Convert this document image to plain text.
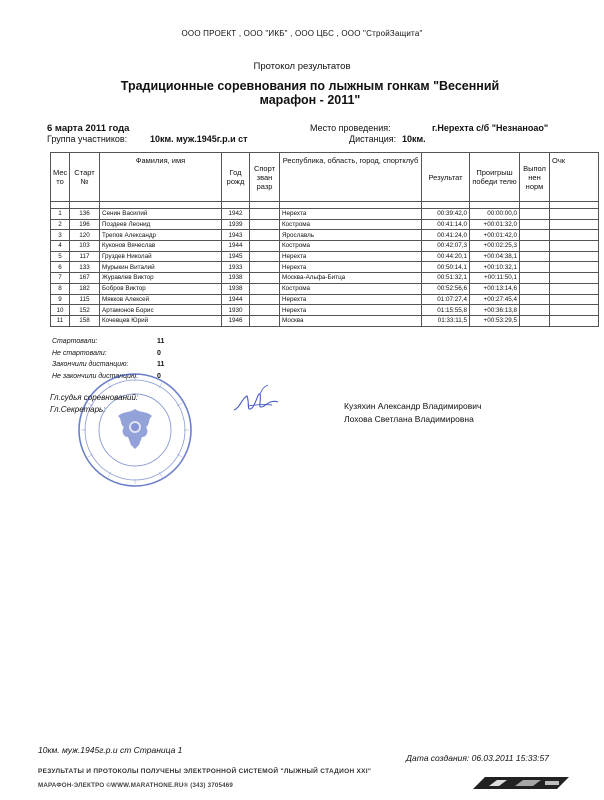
ООО ПРОЕКТ , ООО "ИКБ" , ООО ЦБС , ООО "СтройЗащита"
Протокол результатов
Традиционные соревнования по лыжным гонкам "Весенний
марафон - 2011"
6 марта 2011 года
Группа участников:	10км. муж.1945г.р.и ст
Место проведения:	г.Нерехта с/б "Незнаноао"
Дистанция: 10км.
Мес то	Старт №	Фамилия, имя	Год рожд	Спорт зван разр	Республика, область, город, спортклуб	Результат	Проигрыш победи телю	Выпол нен норм	Очк

1	136	Сенин Василий	1942		Нерехта	00:39:42,0	00:00:00,0		
2	196	Поздеев Леонид	1939		Кострома	00:41:14,0	+00:01:32,0		
3	120	Трепов Александр	1943		Ярославль	00:41:24,0	+00:01:42,0		
4	103	Куконов Вячеслав	1944		Кострома	00:42:07,3	+00:02:25,3		
5	117	Груздев Николай	1945		Нерехта	00:44:20,1	+00:04:38,1		
6	133	Мурыкин Виталий	1933		Нерехта	00:50:14,1	+00:10:32,1		
7	167	Журавлев Виктор	1938		Москва-Альфа-Битца	00:51:32,1	+00:11:50,1		
8	182	Бобров Виктор	1938		Кострома	00:52:56,6	+00:13:14,6		
9	115	Мякков Алексей	1944		Нерехта	01:07:27,4	+00:27:45,4		
10	152	Артамонов Борис	1930		Нерехта	01:15:55,8	+00:36:13,8		
11	158	Кочевцев Юрий	1946		Москва	01:33:11,5	+00:53:29,5		
Стартовали:	11
Не стартовали:	0
Закончили дистанцию:	11
Не закончили дистанцию:	0
Гл.судья соревнований:
Гл.Секретарь:	Кузяхин Александр Владимирович
Лохова Светлана Владимировна
10км. муж.1945г.р.и ст Страница 1
Дата создания: 06.03.2011 15:33:57
РЕЗУЛЬТАТЫ И ПРОТОКОЛЫ ПОЛУЧЕНЫ ЭЛЕКТРОННОЙ СИСТЕМОЙ "ЛЫЖНЫЙ СТАДИОН XXI"
МАРАФОН-ЭЛЕКТРО ©WWW.MARATHONE.RU® (343) 3705469
